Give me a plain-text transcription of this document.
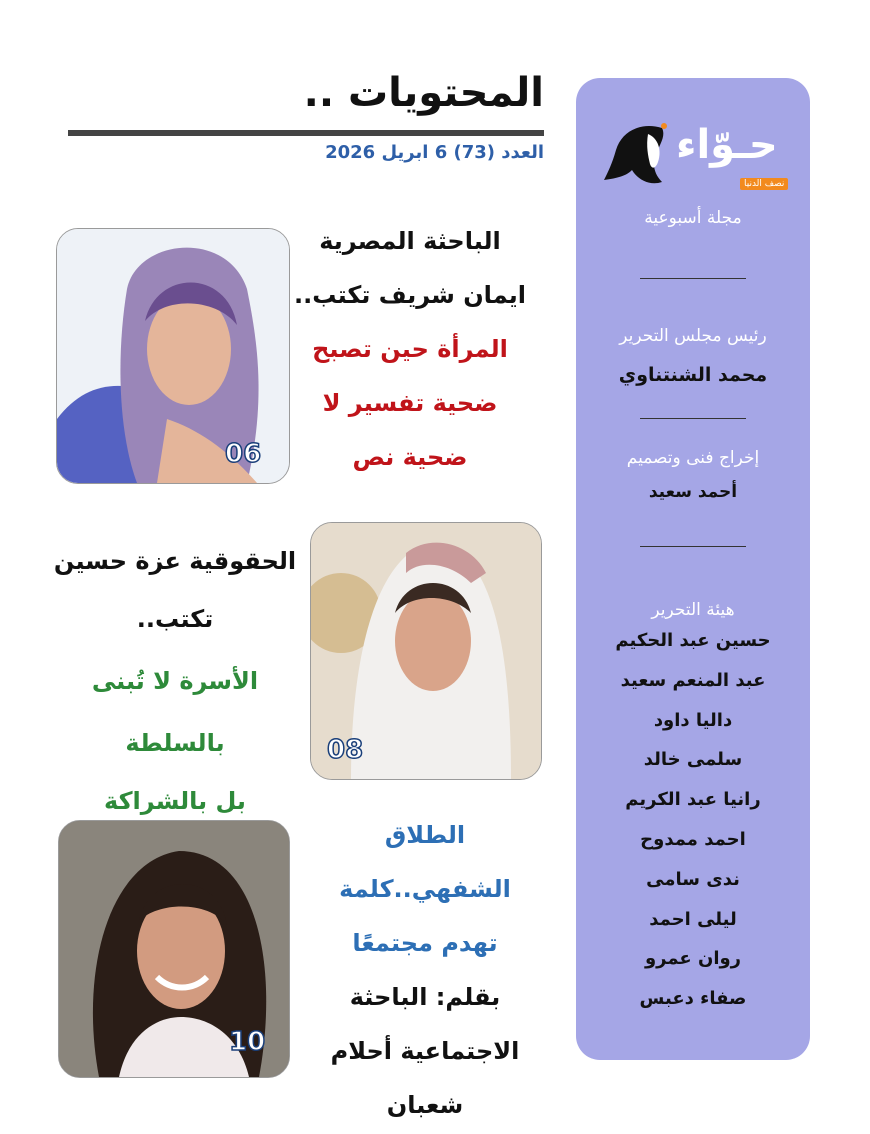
حـوّاء
نصف الدنيا
مجلة أسبوعية
رئيس مجلس التحرير
محمد الشنتناوي
إخراج فنى وتصميم
أحمد سعيد
هيئة التحرير
حسين عبد الحكيم
عبد المنعم سعيد
داليا داود
سلمى خالد
رانيا عبد الكريم
احمد ممدوح
ندى سامى
ليلى احمد
روان عمرو
صفاء دعبس
المحتويات ..
العدد (73) 6 ابريل 2026
06
الباحثة المصرية
ايمان شريف تكتب..
المرأة حين تصبح
ضحية تفسير لا
ضحية نص
08
الحقوقية عزة حسين
تكتب..
الأسرة لا تُبنى بالسلطة
بل بالشراكة
10
الطلاق الشفهي..كلمة
تهدم مجتمعًا
بقلم: الباحثة
الاجتماعية أحلام
شعبان
